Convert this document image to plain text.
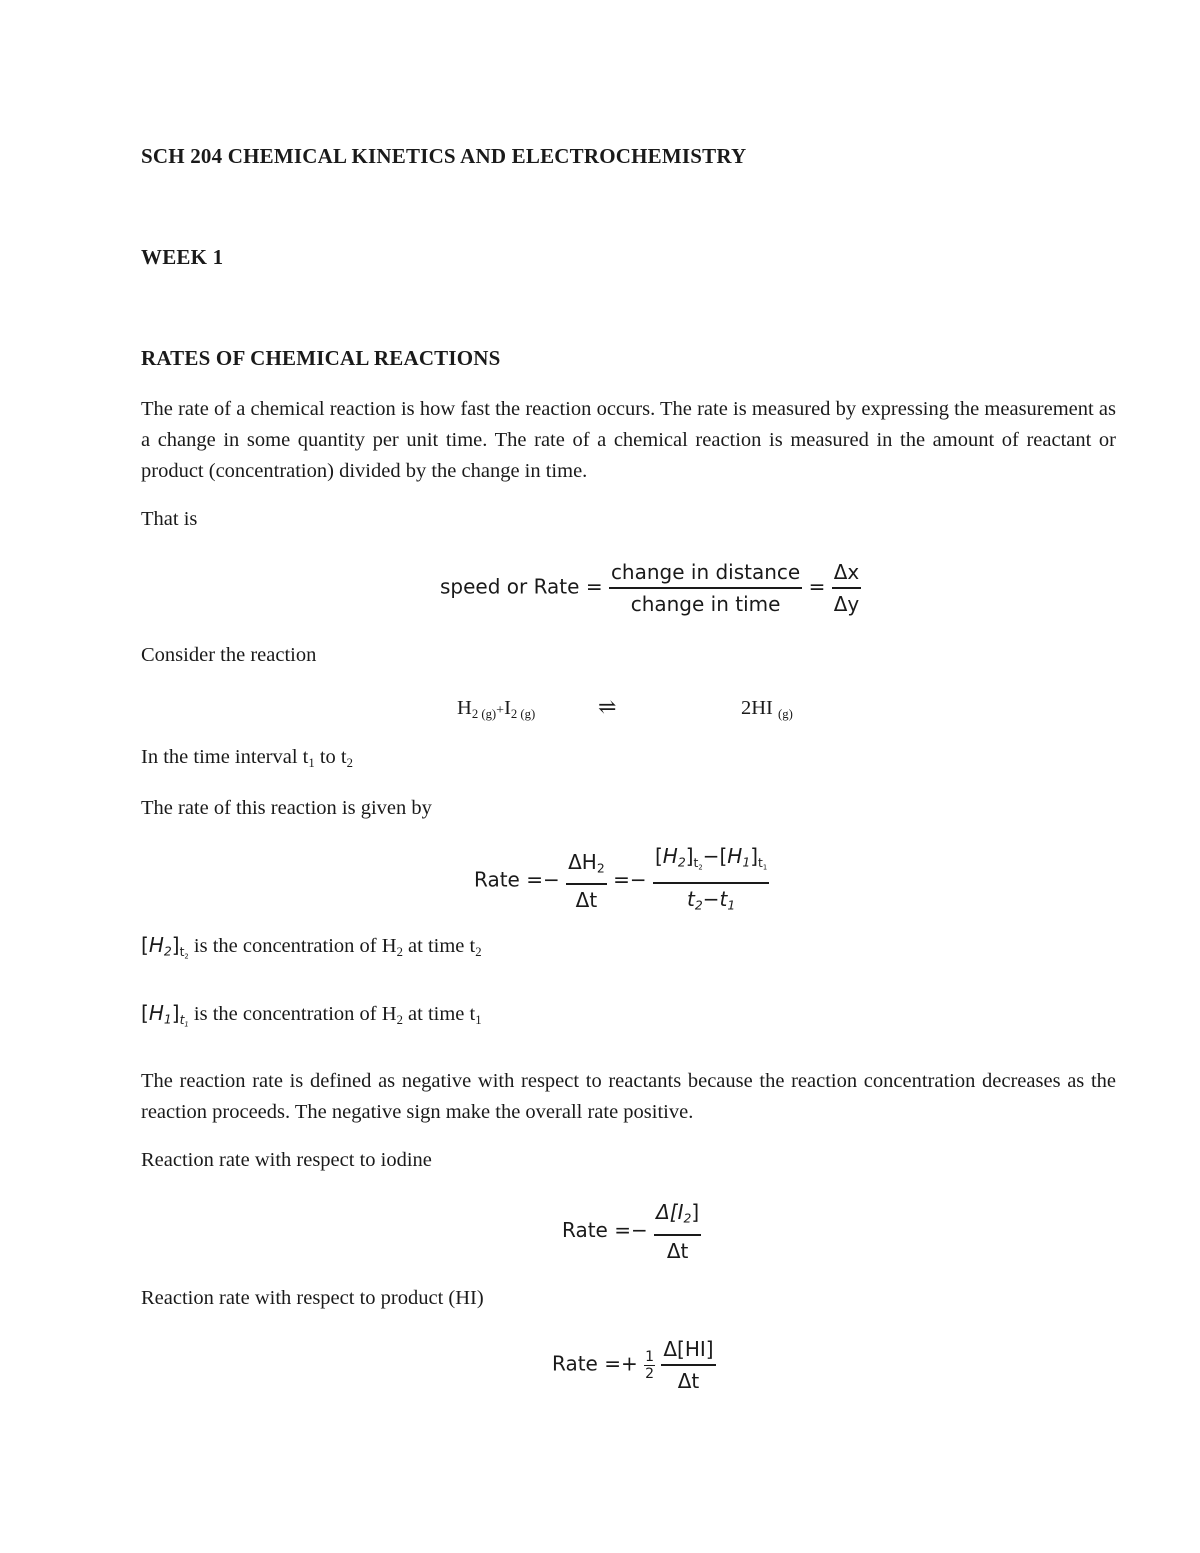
SCH 204 CHEMICAL KINETICS AND ELECTROCHEMISTRY
WEEK 1
RATES OF CHEMICAL REACTIONS
The rate of a chemical reaction is how fast the reaction occurs. The rate is measured by expressing the measurement as a change in some quantity per unit time. The rate of a chemical reaction is measured in the amount of reactant or product (concentration) divided by the change in time.
That is
speed or Rate = $\frac{\text{change in distance}}{\text{change in time}} = \frac{\Delta x}{\Delta y}$
Consider the reaction
$H_{2 (g)}+I_{2 (g)}$	⇌	2HI $_{(g)}$
In the time interval $t_1$ to $t_2$
The rate of this reaction is given by
Rate =− $\frac{\Delta H_2}{\Delta t} =- \frac{[H_2]_{t2}-[H_1]_{t1}}{t_2-t_1}$
$[H_2]_{t2}$ is the concentration of $H_2$ at time $t_2$
$[H_1]_{t1}$ is the concentration of $H_2$ at time $t_1$
The reaction rate is defined as negative with respect to reactants because the reaction concentration decreases as the reaction proceeds. The negative sign make the overall rate positive.
Reaction rate with respect to iodine
Rate =− $\frac{\Delta[I_2]}{\Delta t}$
Reaction rate with respect to product (HI)
Rate =+ $\frac{1}{2}$
$\frac{\Delta[HI]}{\Delta t}$
